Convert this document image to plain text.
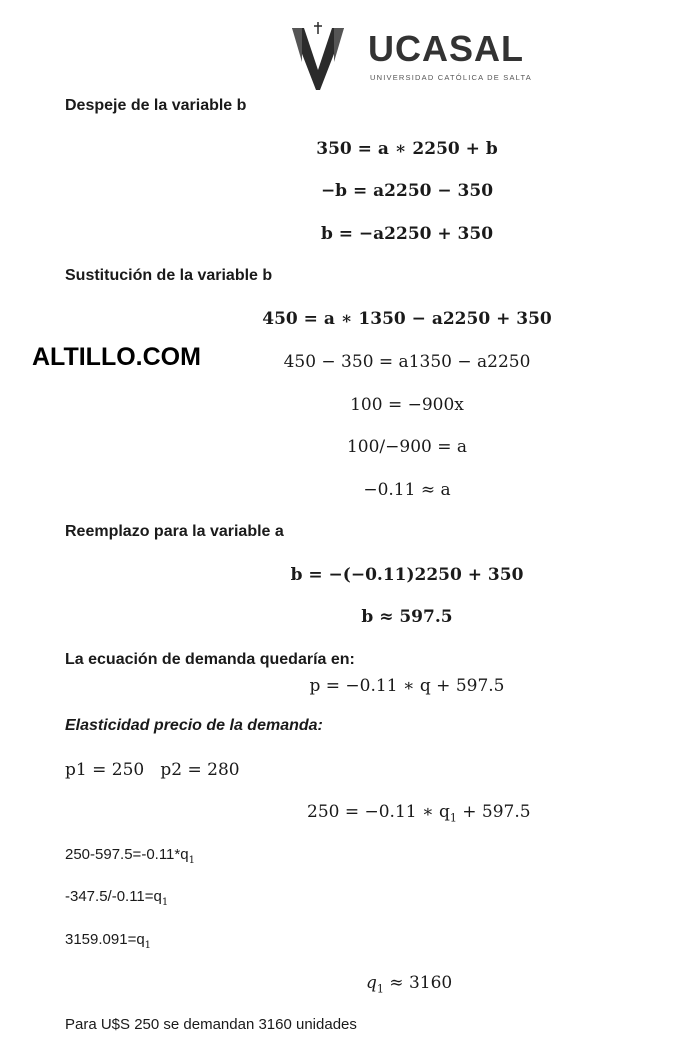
UCASAL
UNIVERSIDAD CATÓLICA DE SALTA
ALTILLO.COM
Despeje de la variable b
350 = a ∗ 2250 + b
−b = a2250 − 350
b = −a2250 + 350
Sustitución de la variable b
450 = a ∗ 1350 − a2250 + 350
450 − 350 = a1350 − a2250
100 = −900x
100/−900 = a
−0.11 ≈ a
Reemplazo para la variable a
b = −(−0.11)2250 + 350
b ≈ 597.5
La ecuación de demanda quedaría en:
p = −0.11 ∗ q + 597.5
Elasticidad precio de la demanda:
p1 = 250   p2 = 280
250 = −0.11 ∗ $q_1 + 597.5$
$250-597.5=-0.11*q_1$
$-347.5/-0.11=q_1$
$3159.091=q_1$
$q_1 \approx 3160$
Para U$S 250 se demandan 3160 unidades
